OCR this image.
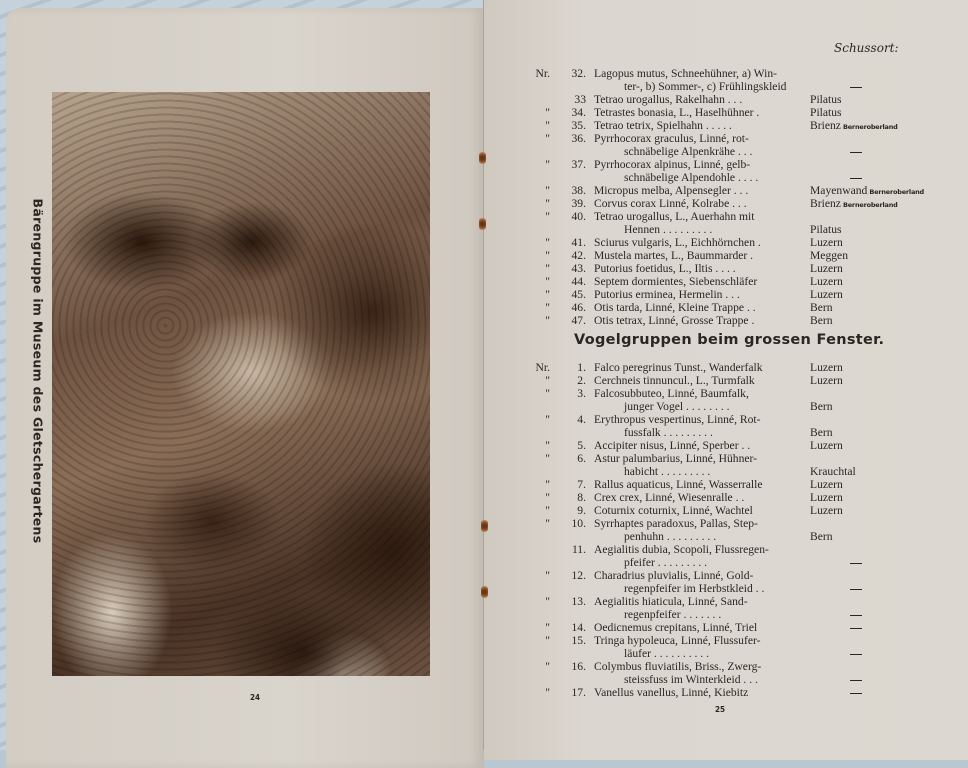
Bärengruppe im Museum des Gletschergartens
24
Schussort:
Nr.	32. Lagopus mutus, Schneehühner, a) Win-
ter-, b) Sommer-, c) Frühlingskleid
33 Tetrao urogallus, Rakelhahn . . .	Pilatus
"	34. Tetrastes bonasia, L., Haselhühner .	Pilatus
"	35. Tetrao tetrix, Spielhahn . . . . .	Brienz Berneroberland
"	36. Pyrrhocorax graculus, Linné, rot-
schnäbelige Alpenkrähe . . .
"	37. Pyrrhocorax alpinus, Linné, gelb-
schnäbelige Alpendohle . . . .
"	38. Micropus melba, Alpensegler . . .	Mayenwand Berneroberland
"	39. Corvus corax Linné, Kolrabe . . .	Brienz Berneroberland
"	40. Tetrao urogallus, L., Auerhahn mit
Hennen . . . . . . . . .	Pilatus
"	41. Sciurus vulgaris, L., Eichhörnchen .	Luzern
"	42. Mustela martes, L., Baummarder .	Meggen
"	43. Putorius foetidus, L., Iltis . . . .	Luzern
"	44. Septem dormientes, Siebenschläfer	Luzern
"	45. Putorius erminea, Hermelin . . .	Luzern
"	46. Otis tarda, Linné, Kleine Trappe . .	Bern
"	47. Otis tetrax, Linné, Grosse Trappe .	Bern
Vogelgruppen beim grossen Fenster.
Nr.	1. Falco peregrinus Tunst., Wanderfalk	Luzern
"	2. Cerchneis tinnuncul., L., Turmfalk	Luzern
"	3. Falcosubbuteo, Linné, Baumfalk,
junger Vogel . . . . . . . .	Bern
"	4. Erythropus vespertinus, Linné, Rot-
fussfalk . . . . . . . . .	Bern
"	5. Accipiter nisus, Linné, Sperber . .	Luzern
"	6. Astur palumbarius, Linné, Hühner-
habicht . . . . . . . . .	Krauchtal
"	7. Rallus aquaticus, Linné, Wasserralle	Luzern
"	8. Crex crex, Linné, Wiesenralle . .	Luzern
"	9. Coturnix coturnix, Linné, Wachtel	Luzern
"	10. Syrrhaptes paradoxus, Pallas, Step-
penhuhn . . . . . . . . .	Bern
11. Aegialitis dubia, Scopoli, Flussregen-
pfeifer . . . . . . . . .
"	12. Charadrius pluvialis, Linné, Gold-
regenpfeifer im Herbstkleid . .
"	13. Aegialitis hiaticula, Linné, Sand-
regenpfeifer . . . . . . .
"	14. Oedicnemus crepitans, Linné, Triel
"	15. Tringa hypoleuca, Linné, Flussufer-
läufer . . . . . . . . . .
"	16. Colymbus fluviatilis, Briss., Zwerg-
steissfuss im Winterkleid . . .
"	17. Vanellus vanellus, Linné, Kiebitz
25
